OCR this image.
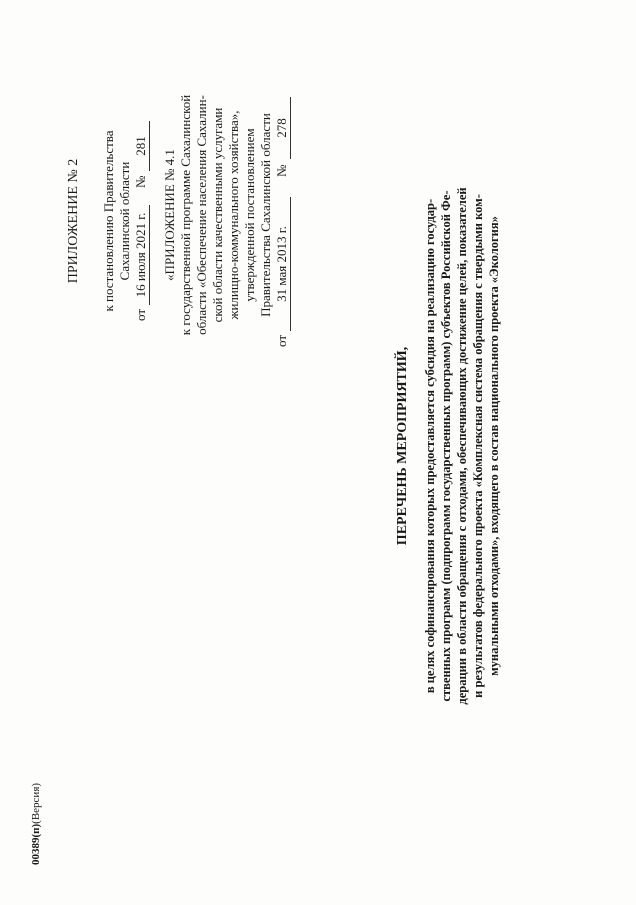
ПРИЛОЖЕНИЕ № 2 к постановлению Правительства Сахалинской области
от
16 июля 2021 г.
№
281
«ПРИЛОЖЕНИЕ № 4.1 к государственной программе Сахалинской области «Обеспечение населения Сахалин- ской области качественными услугами жилищно-коммунального хозяйства», утвержденной постановлением Правительства Сахалинской области
от
31 мая 2013 г.
№
278
ПЕРЕЧЕНЬ МЕРОПРИЯТИЙ, в целях софинансирования которых предоставляется субсидия на реализацию государ- ственных программ (подпрограмм государственных программ) субъектов Российской Фе- дерации в области обращения с отходами, обеспечивающих достижение целей, показателей и результатов федерального проекта «Комплексная система обращения с твердыми ком- мунальными отходами», входящего в состав национального проекта «Экология»
00389(п)(Версия)
